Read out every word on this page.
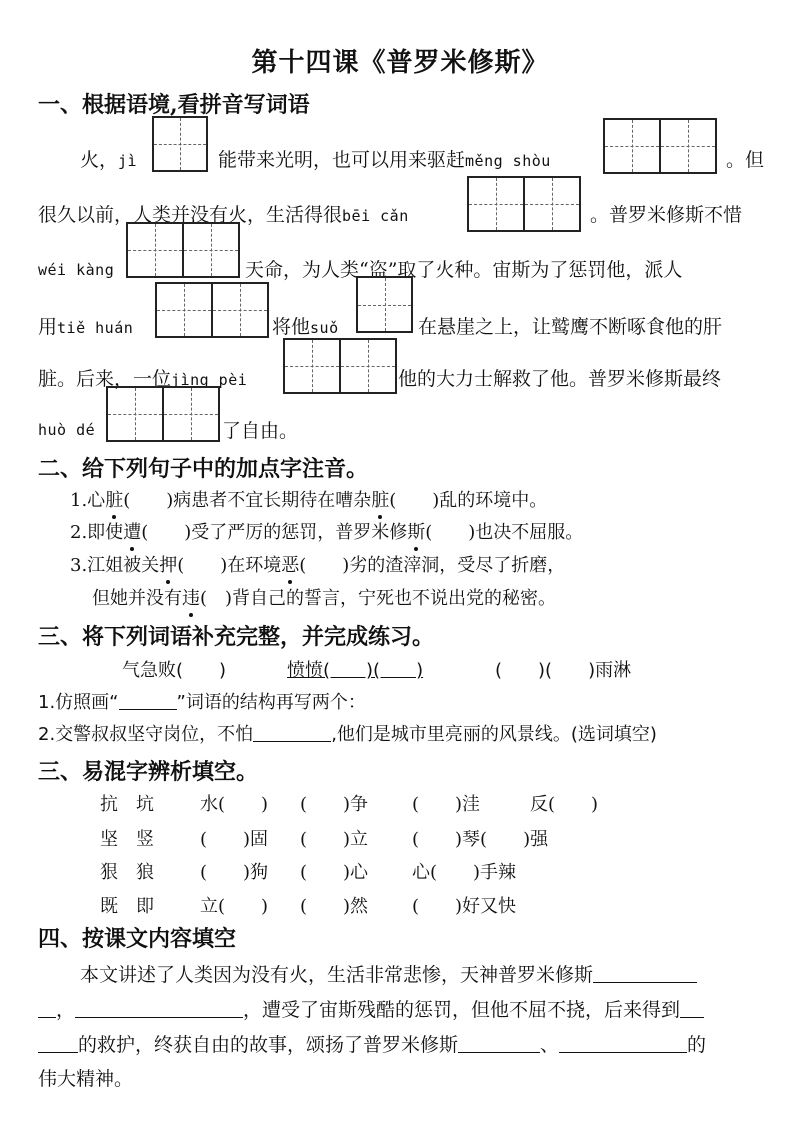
第十四课《普罗米修斯》
一、根据语境,看拼音写词语
火，jì	能带来光明，也可以用来驱赶měng shòu	。但
很久以前，人类并没有火，生活得很bēi cǎn	。普罗米修斯不惜
wéi kàng	天命，为人类“盗”取了火种。宙斯为了惩罚他，派人
用tiě huán	将他suǒ	在悬崖之上，让鹫鹰不断啄食他的肝
脏。后来，一位jìng pèi	他的大力士解救了他。普罗米修斯最终
huò dé	了自由。
二、给下列句子中的加点字注音。
1.心脏(　　)病患者不宜长期待在嘈杂脏(　　)乱的环境中。
2.即使遭(　　)受了严厉的惩罚，普罗米修斯(　　)也决不屈服。
3.江姐被关押(　　)在环境恶(　　)劣的渣滓洞，受尽了折磨，
但她并没有违(　)背自己的誓言，宁死也不说出党的秘密。
三、将下列词语补充完整，并完成练习。
气急败(　　)	愤愤(　　)(　　)	(　　)(　　)雨淋
1.仿照画“	”词语的结构再写两个：
2.交警叔叔坚守岗位，不怕	,他们是城市里亮丽的风景线。(选词填空)
三、易混字辨析填空。
抗　坑	水(　　) (　　)争 (　　)洼	反(　　)
坚　竖	(　　)固 (　　)立 (　　)琴(　　)强
狠　狼	(　　)狗 (　　)心 心(　　)手辣
既　即	立(　　) (　　)然 (　　)好又快
四、按课文内容填空
本文讲述了人类因为没有火，生活非常悲惨，天神普罗米修斯
，	，遭受了宙斯残酷的惩罚，但他不屈不挠，后来得到
的救护，终获自由的故事，颂扬了普罗米修斯	、	的
伟大精神。
